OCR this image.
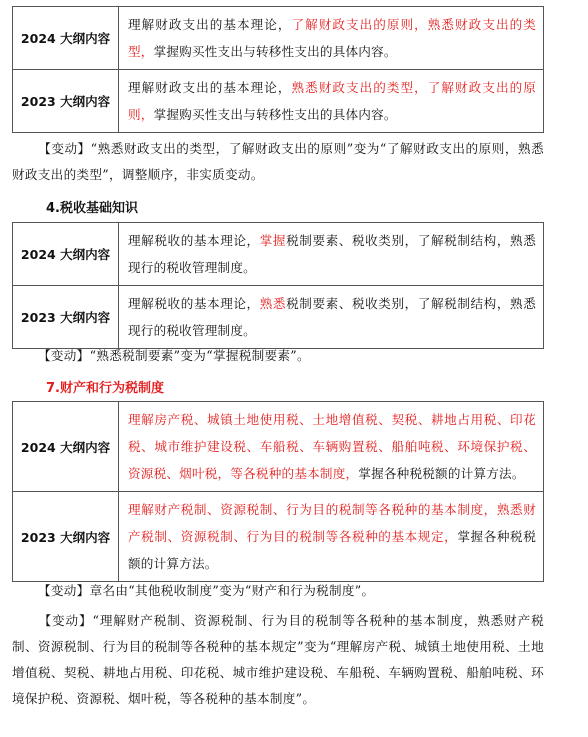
2024 大纲内容	理解财政支出的基本理论，了解财政支出的原则，熟悉财政支出的类型，掌握购买性支出与转移性支出的具体内容。
2023 大纲内容	理解财政支出的基本理论，熟悉财政支出的类型，了解财政支出的原则，掌握购买性支出与转移性支出的具体内容。
【变动】“熟悉财政支出的类型，了解财政支出的原则”变为“了解财政支出的原则，熟悉财政支出的类型”，调整顺序，非实质变动。
4.税收基础知识
2024 大纲内容	理解税收的基本理论，掌握税制要素、税收类别，了解税制结构，熟悉现行的税收管理制度。
2023 大纲内容	理解税收的基本理论，熟悉税制要素、税收类别，了解税制结构，熟悉现行的税收管理制度。
【变动】“熟悉税制要素”变为“掌握税制要素”。
7.财产和行为税制度
2024 大纲内容	理解房产税、城镇土地使用税、土地增值税、契税、耕地占用税、印花税、城市维护建设税、车船税、车辆购置税、船舶吨税、环境保护税、资源税、烟叶税，等各税种的基本制度，掌握各种税税额的计算方法。
2023 大纲内容	理解财产税制、资源税制、行为目的税制等各税种的基本制度，熟悉财产税制、资源税制、行为目的税制等各税种的基本规定，掌握各种税税额的计算方法。
【变动】章名由“其他税收制度”变为“财产和行为税制度”。
【变动】“理解财产税制、资源税制、行为目的税制等各税种的基本制度，熟悉财产税制、资源税制、行为目的税制等各税种的基本规定”变为“理解房产税、城镇土地使用税、土地增值税、契税、耕地占用税、印花税、城市维护建设税、车船税、车辆购置税、船舶吨税、环境保护税、资源税、烟叶税，等各税种的基本制度”。
